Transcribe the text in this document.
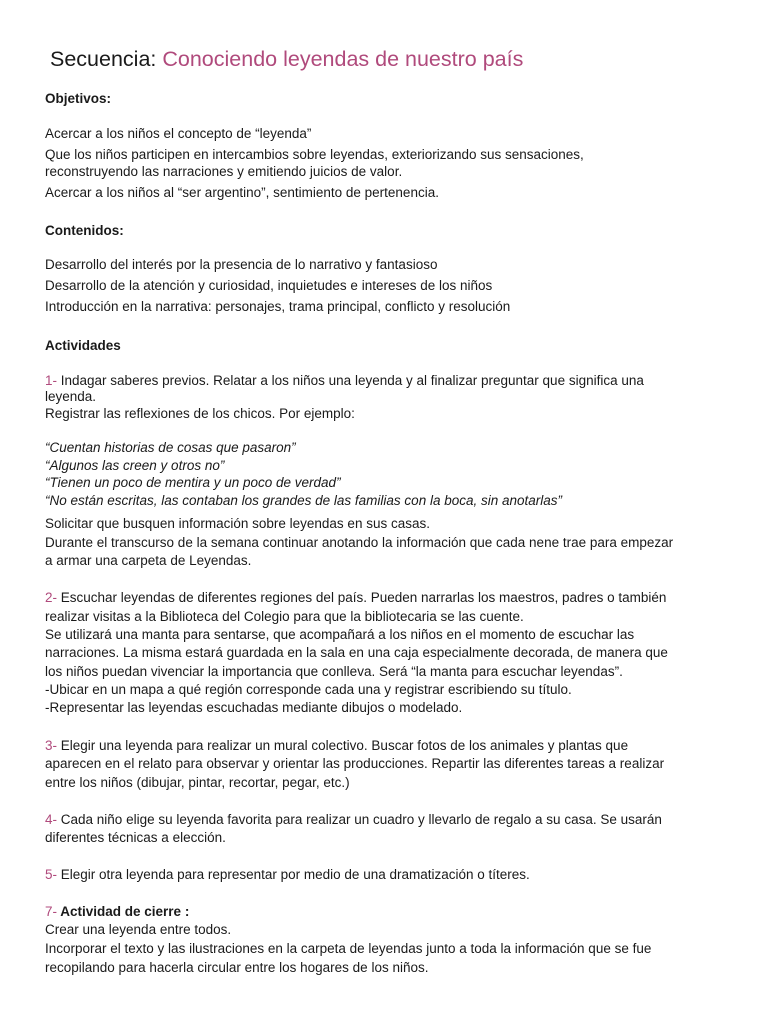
Secuencia: Conociendo leyendas de nuestro país
Objetivos:
Acercar a los niños el concepto de “leyenda”
Que los niños participen en intercambios sobre leyendas, exteriorizando sus sensaciones,
reconstruyendo las narraciones y emitiendo juicios de valor.
Acercar a los niños al “ser argentino”, sentimiento de pertenencia.
Contenidos:
Desarrollo del interés por la presencia de lo narrativo y fantasioso
Desarrollo de la atención y curiosidad, inquietudes e intereses de los niños
Introducción en la narrativa: personajes, trama principal, conflicto y resolución
Actividades
1- Indagar saberes previos. Relatar a los niños una leyenda y al finalizar preguntar que significa una
leyenda.
Registrar las reflexiones de los chicos. Por ejemplo:
“Cuentan historias de cosas que pasaron”
“Algunos las creen y otros no”
“Tienen un poco de mentira y un poco de verdad”
“No están escritas, las contaban los grandes de las familias con la boca, sin anotarlas”
Solicitar que busquen información sobre leyendas en sus casas.
Durante el transcurso de la semana continuar anotando la información que cada nene trae para empezar
a armar una carpeta de Leyendas.
2- Escuchar leyendas de diferentes regiones del país. Pueden narrarlas los maestros, padres o también
realizar visitas a la Biblioteca del Colegio para que la bibliotecaria se las cuente.
Se utilizará una manta para sentarse, que acompañará a los niños en el momento de escuchar las
narraciones. La misma estará guardada en la sala en una caja especialmente decorada, de manera que
los niños puedan vivenciar la importancia que conlleva. Será “la manta para escuchar leyendas”.
-Ubicar en un mapa a qué región corresponde cada una y registrar escribiendo su título.
-Representar las leyendas escuchadas mediante dibujos o modelado.
3- Elegir una leyenda para realizar un mural colectivo. Buscar fotos de los animales y plantas que
aparecen en el relato para observar y orientar las producciones. Repartir las diferentes tareas a realizar
entre los niños (dibujar, pintar, recortar, pegar, etc.)
4- Cada niño elige su leyenda favorita para realizar un cuadro y llevarlo de regalo a su casa. Se usarán
diferentes técnicas a elección.
5- Elegir otra leyenda para representar por medio de una dramatización o títeres.
7- Actividad de cierre :
Crear una leyenda entre todos.
Incorporar el texto y las ilustraciones en la carpeta de leyendas junto a toda la información que se fue
recopilando para hacerla circular entre los hogares de los niños.
